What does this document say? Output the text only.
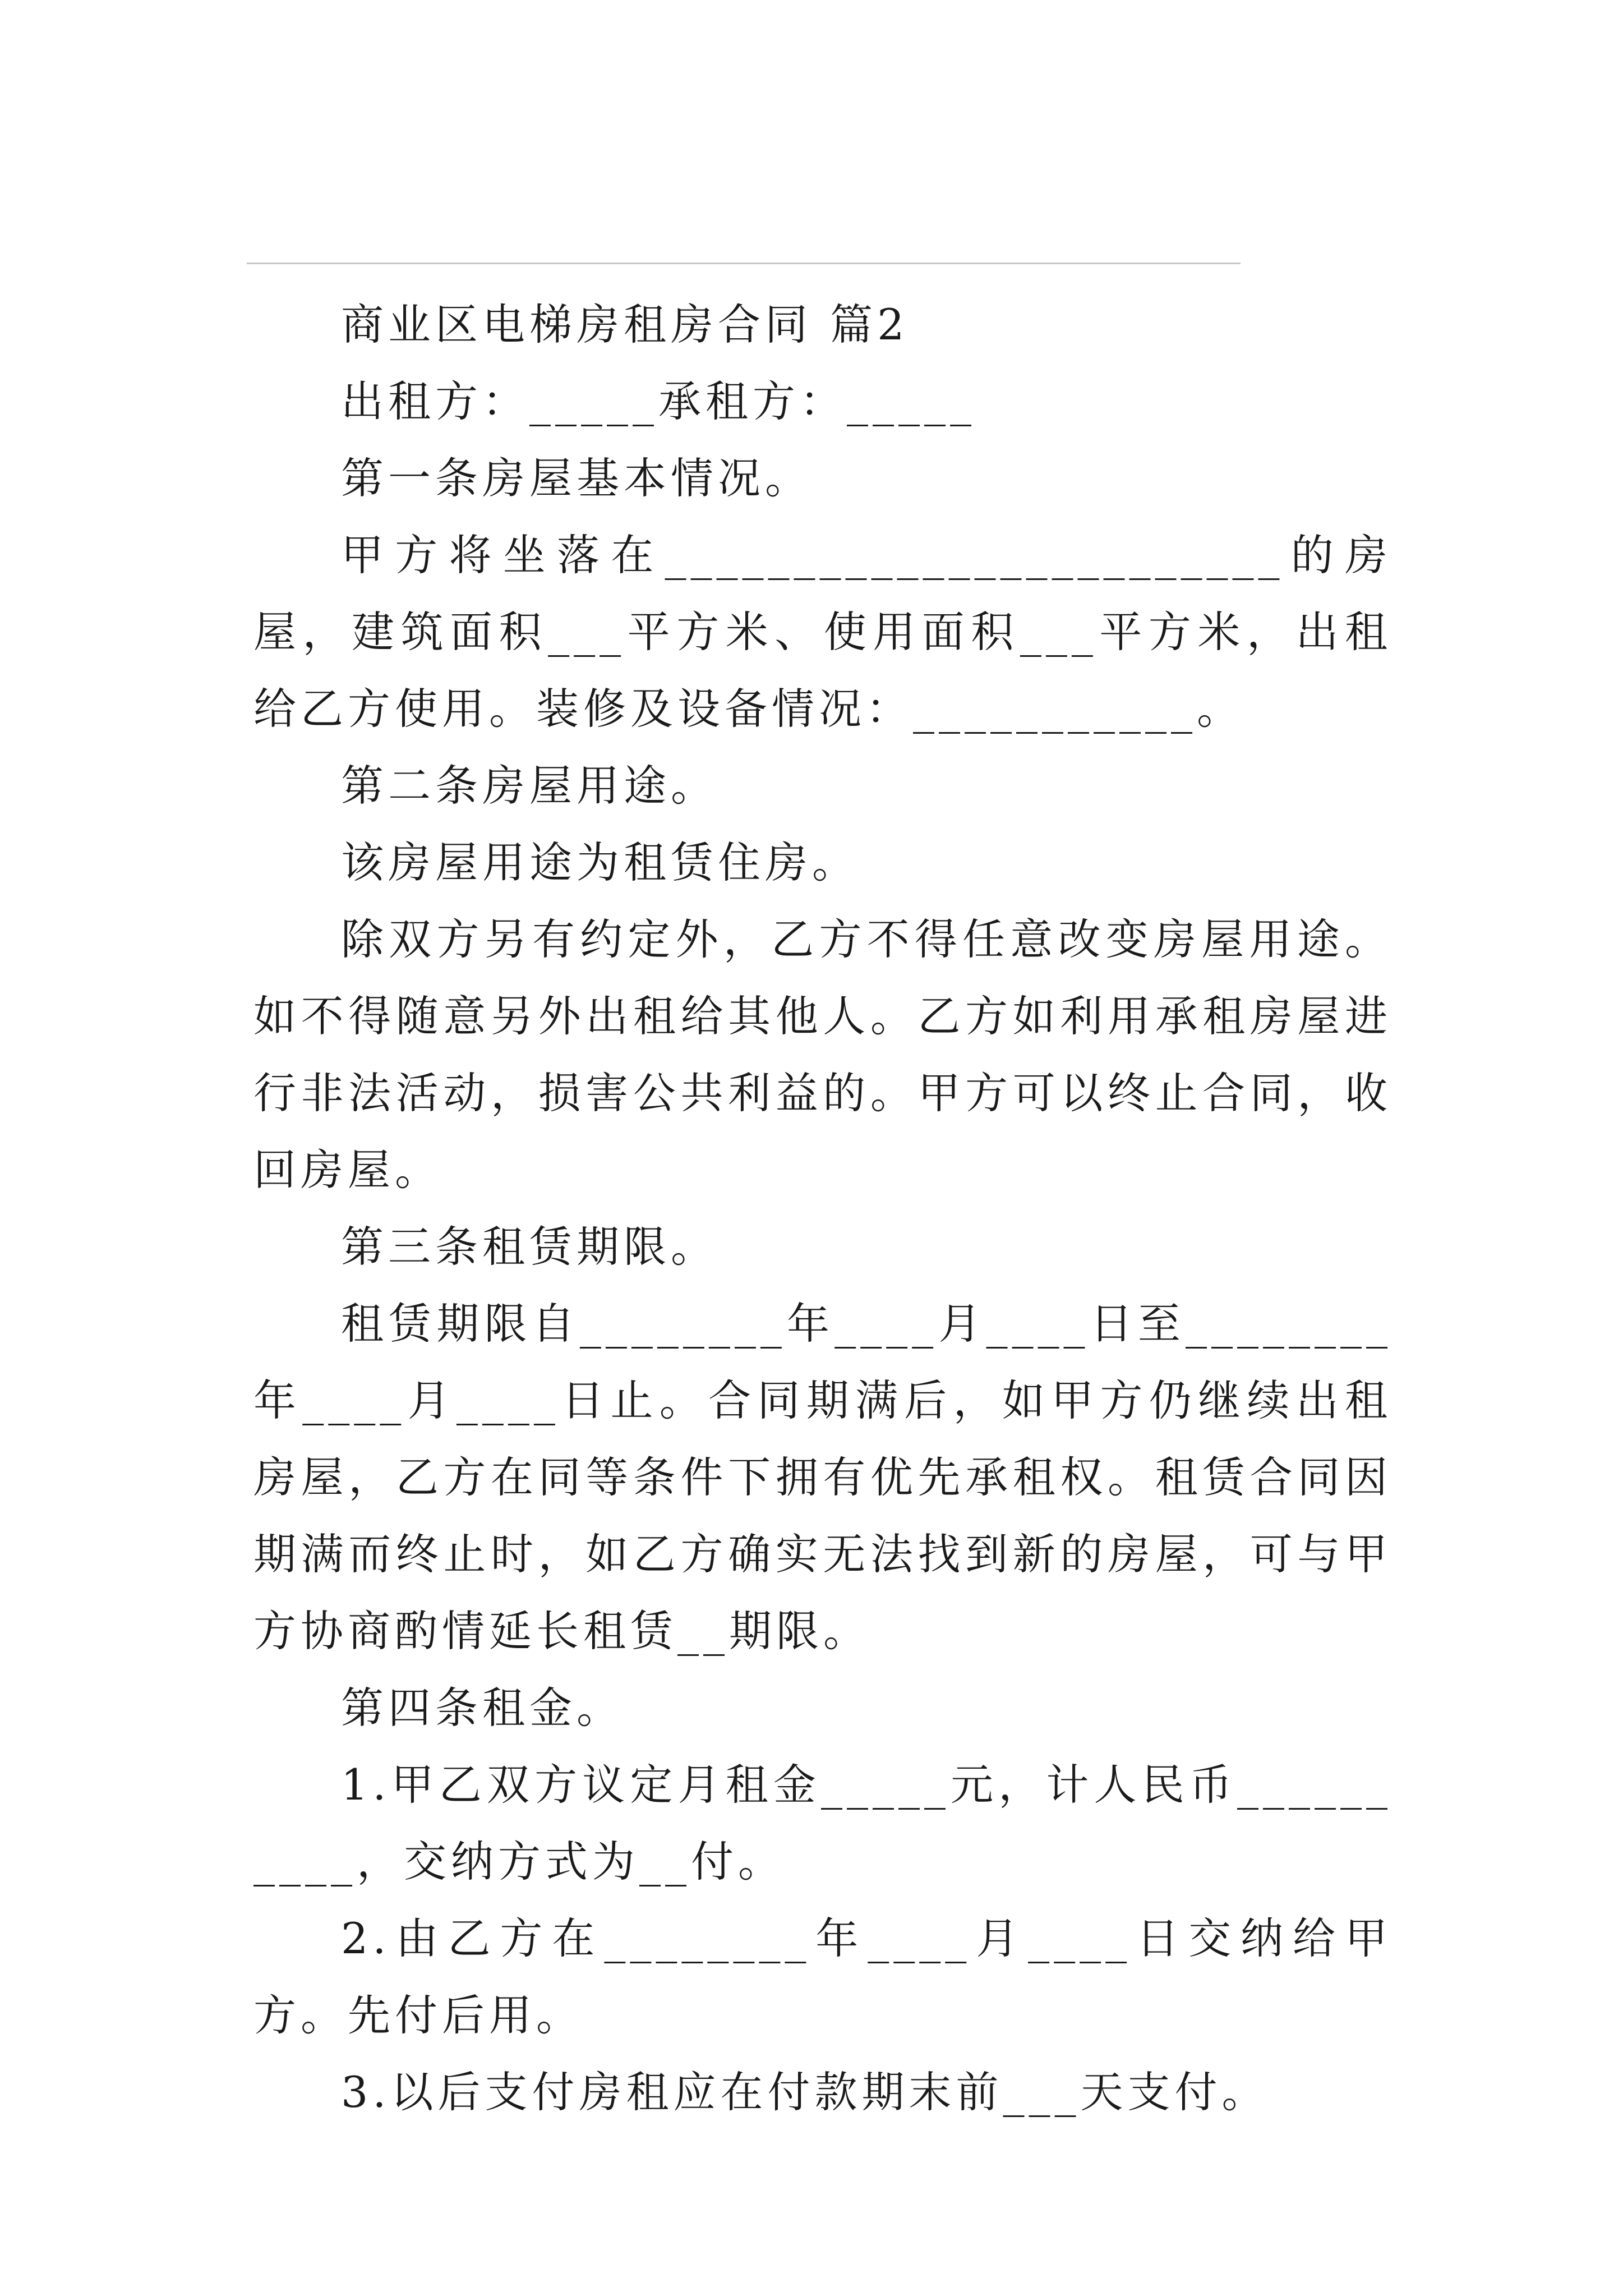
商业区电梯房租房合同 篇2

出租方：_____承租方：_____

第一条房屋基本情况。

甲方将坐落在________________________的房屋，建筑面积___平方米、使用面积___平方米，出租给乙方使用。装修及设备情况：___________。

第二条房屋用途。

该房屋用途为租赁住房。

除双方另有约定外，乙方不得任意改变房屋用途。如不得随意另外出租给其他人。乙方如利用承租房屋进行非法活动，损害公共利益的。甲方可以终止合同，收回房屋。

第三条租赁期限。

租赁期限自________年____月____日至________年____月____日止。合同期满后，如甲方仍继续出租房屋，乙方在同等条件下拥有优先承租权。租赁合同因期满而终止时，如乙方确实无法找到新的房屋，可与甲方协商酌情延长租赁__期限。

第四条租金。

1.甲乙双方议定月租金_____元，计人民币__________，交纳方式为__付。

2.由乙方在________年____月____日交纳给甲方。先付后用。

3.以后支付房租应在付款期末前___天支付。
